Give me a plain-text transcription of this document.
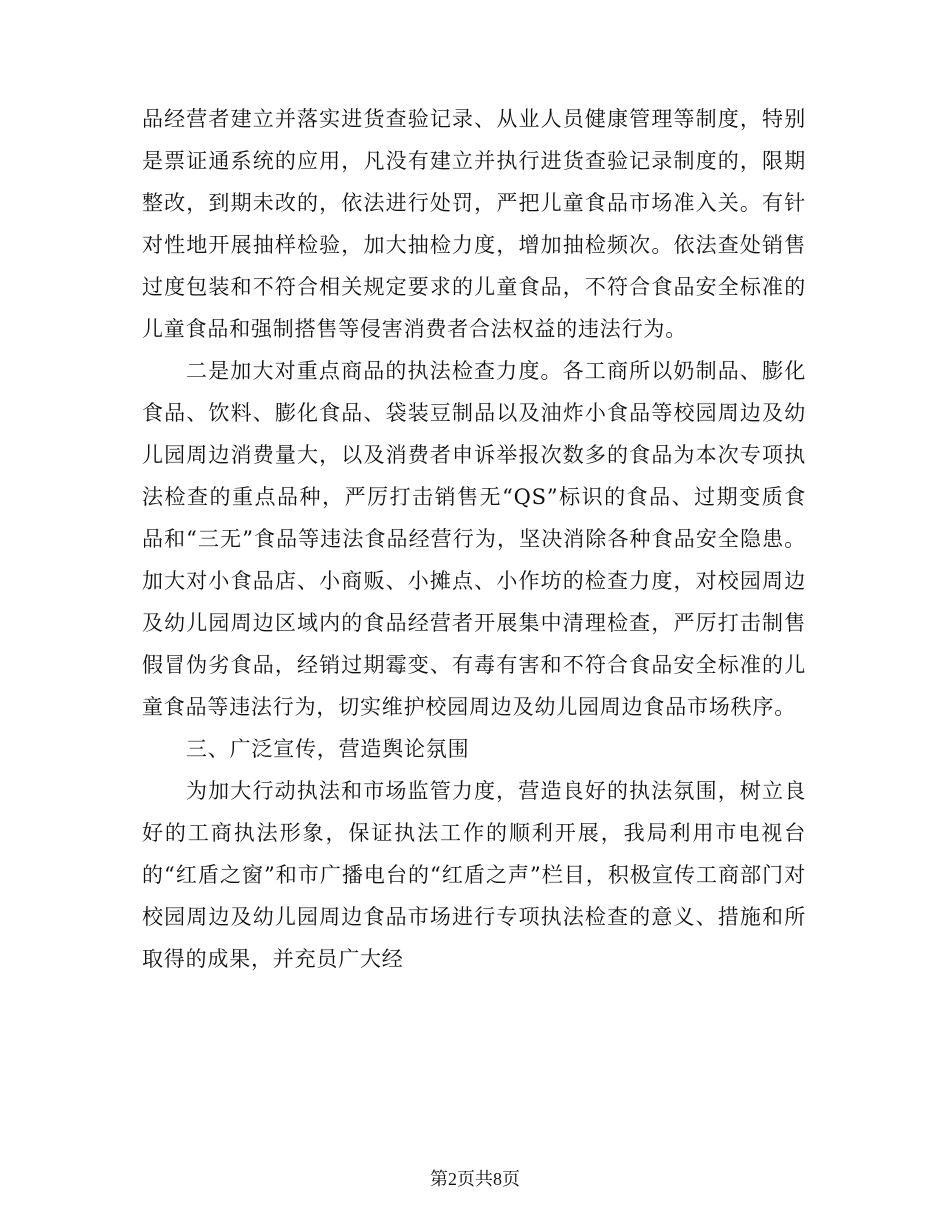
品经营者建立并落实进货查验记录、从业人员健康管理等制度，特别是票证通系统的应用，凡没有建立并执行进货查验记录制度的，限期整改，到期未改的，依法进行处罚，严把儿童食品市场准入关。有针对性地开展抽样检验，加大抽检力度，增加抽检频次。依法查处销售过度包装和不符合相关规定要求的儿童食品，不符合食品安全标准的儿童食品和强制搭售等侵害消费者合法权益的违法行为。

二是加大对重点商品的执法检查力度。各工商所以奶制品、膨化食品、饮料、膨化食品、袋装豆制品以及油炸小食品等校园周边及幼儿园周边消费量大，以及消费者申诉举报次数多的食品为本次专项执法检查的重点品种，严厉打击销售无“QS”标识的食品、过期变质食品和“三无”食品等违法食品经营行为，坚决消除各种食品安全隐患。加大对小食品店、小商贩、小摊点、小作坊的检查力度，对校园周边及幼儿园周边区域内的食品经营者开展集中清理检查，严厉打击制售假冒伪劣食品，经销过期霉变、有毒有害和不符合食品安全标准的儿童食品等违法行为，切实维护校园周边及幼儿园周边食品市场秩序。

三、广泛宣传，营造舆论氛围

为加大行动执法和市场监管力度，营造良好的执法氛围，树立良好的工商执法形象，保证执法工作的顺利开展，我局利用市电视台的“红盾之窗”和市广播电台的“红盾之声”栏目，积极宣传工商部门对校园周边及幼儿园周边食品市场进行专项执法检查的意义、措施和所取得的成果，并充员广大经

第2页共8页
